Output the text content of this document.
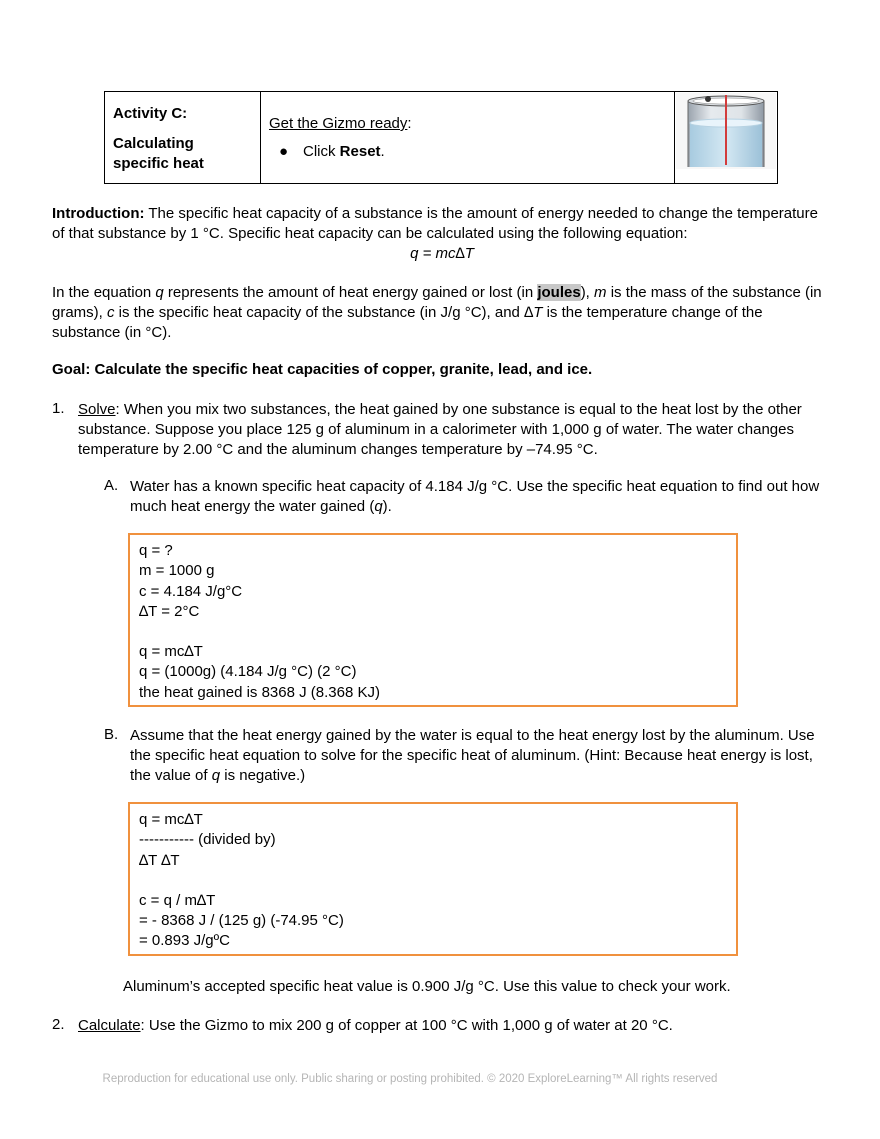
Activity C:
Calculating
specific heat
Get the Gizmo ready:
● Click Reset.
Introduction: The specific heat capacity of a substance is the amount of energy needed to change the temperature of that substance by 1 °C. Specific heat capacity can be calculated using the following equation:
q = mc∆T
In the equation q represents the amount of heat energy gained or lost (in joules), m is the mass of the substance (in grams), c is the specific heat capacity of the substance (in J/g °C), and ∆T is the temperature change of the substance (in °C).
Goal: Calculate the specific heat capacities of copper, granite, lead, and ice.
1. Solve: When you mix two substances, the heat gained by one substance is equal to the heat lost by the other substance. Suppose you place 125 g of aluminum in a calorimeter with 1,000 g of water. The water changes temperature by 2.00 °C and the aluminum changes temperature by –74.95 °C.
A. Water has a known specific heat capacity of 4.184 J/g °C. Use the specific heat equation to find out how much heat energy the water gained (q).
q = ?
m = 1000 g
c = 4.184 J/g°C
∆T = 2°C
q = mc∆T
q = (1000g) (4.184 J/g °C) (2 °C)
the heat gained is 8368 J (8.368 KJ)
B. Assume that the heat energy gained by the water is equal to the heat energy lost by the aluminum. Use the specific heat equation to solve for the specific heat of aluminum. (Hint: Because heat energy is lost, the value of q is negative.)
q = mc∆T
----------- (divided by)
∆T ∆T
c = q / m∆T
= - 8368 J / (125 g) (-74.95 °C)
= 0.893 J/gºC
Aluminum’s accepted specific heat value is 0.900 J/g °C. Use this value to check your work.
2. Calculate: Use the Gizmo to mix 200 g of copper at 100 °C with 1,000 g of water at 20 °C.
Reproduction for educational use only. Public sharing or posting prohibited. © 2020 ExploreLearning™ All rights reserved
